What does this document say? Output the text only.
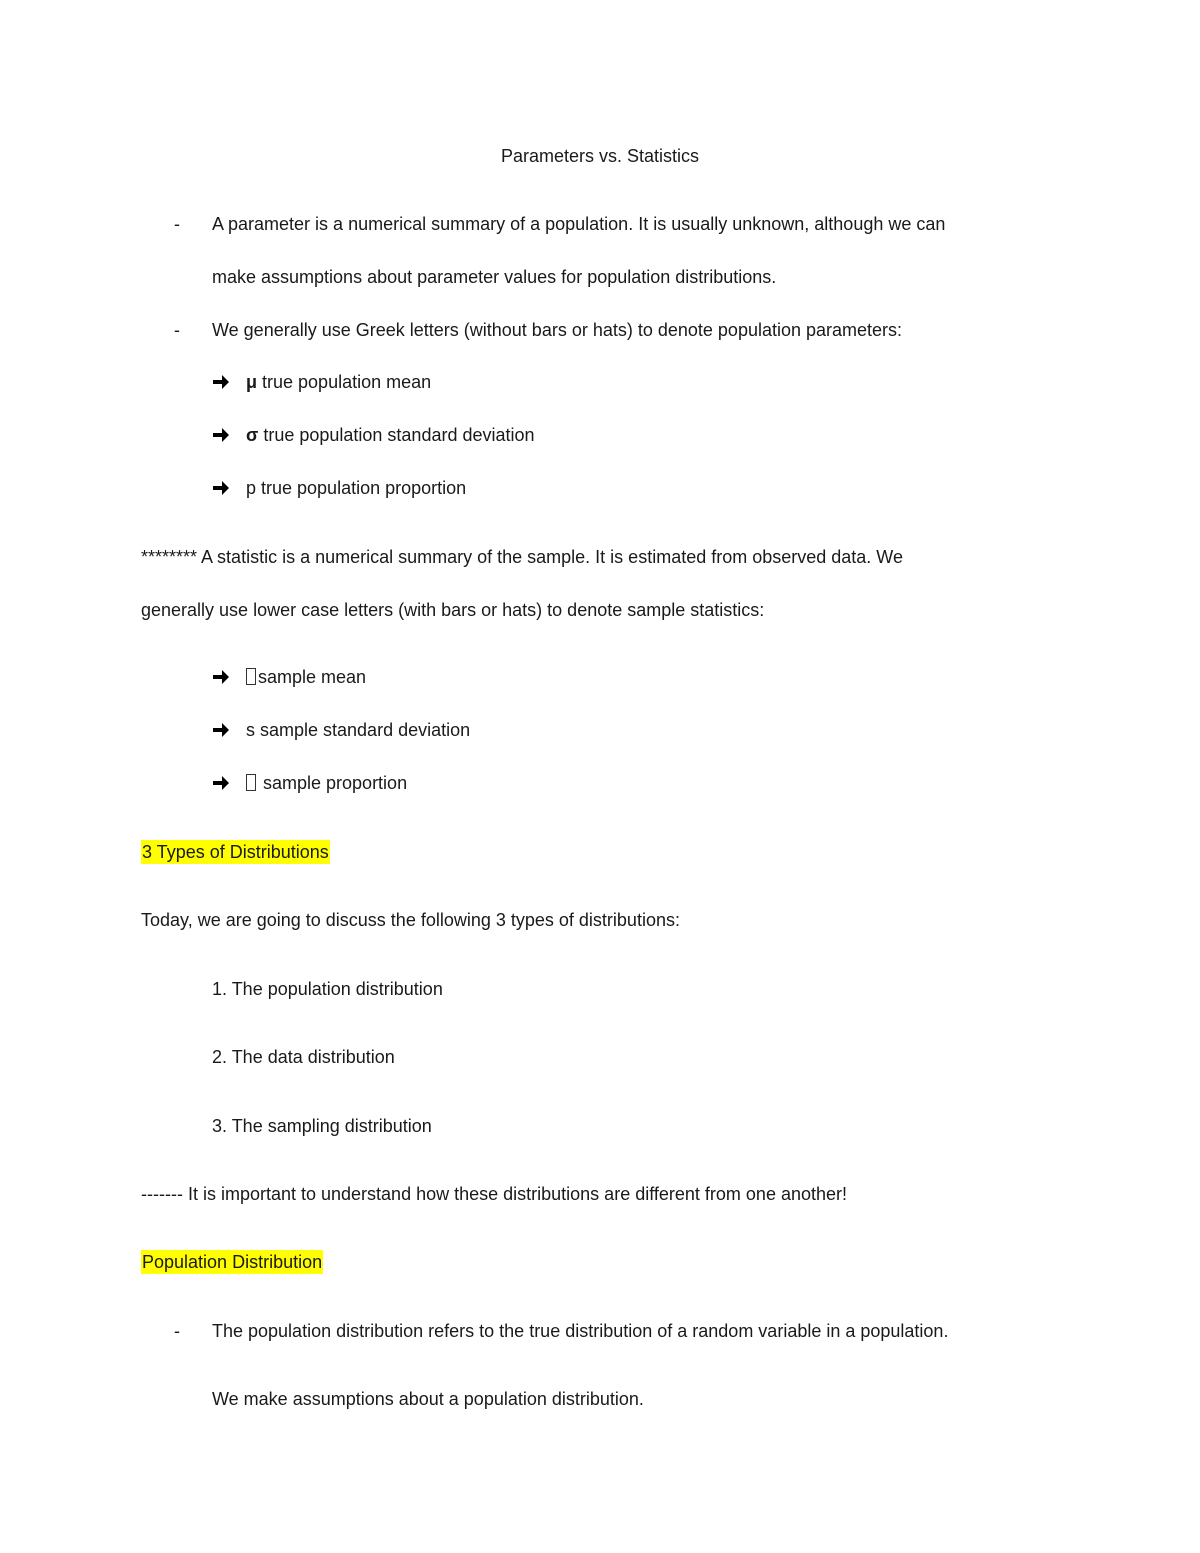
Parameters vs. Statistics
- A parameter is a numerical summary of a population. It is usually unknown, although we can
make assumptions about parameter values for population distributions.
- We generally use Greek letters (without bars or hats) to denote population parameters:
μ true population mean
σ true population standard deviation
p true population proportion
******** A statistic is a numerical summary of the sample. It is estimated from observed data. We
generally use lower case letters (with bars or hats) to denote sample statistics:
sample mean
s sample standard deviation
sample proportion
3 Types of Distributions
Today, we are going to discuss the following 3 types of distributions:
1. The population distribution
2. The data distribution
3. The sampling distribution
------- It is important to understand how these distributions are different from one another!
Population Distribution
- The population distribution refers to the true distribution of a random variable in a population.
We make assumptions about a population distribution.
